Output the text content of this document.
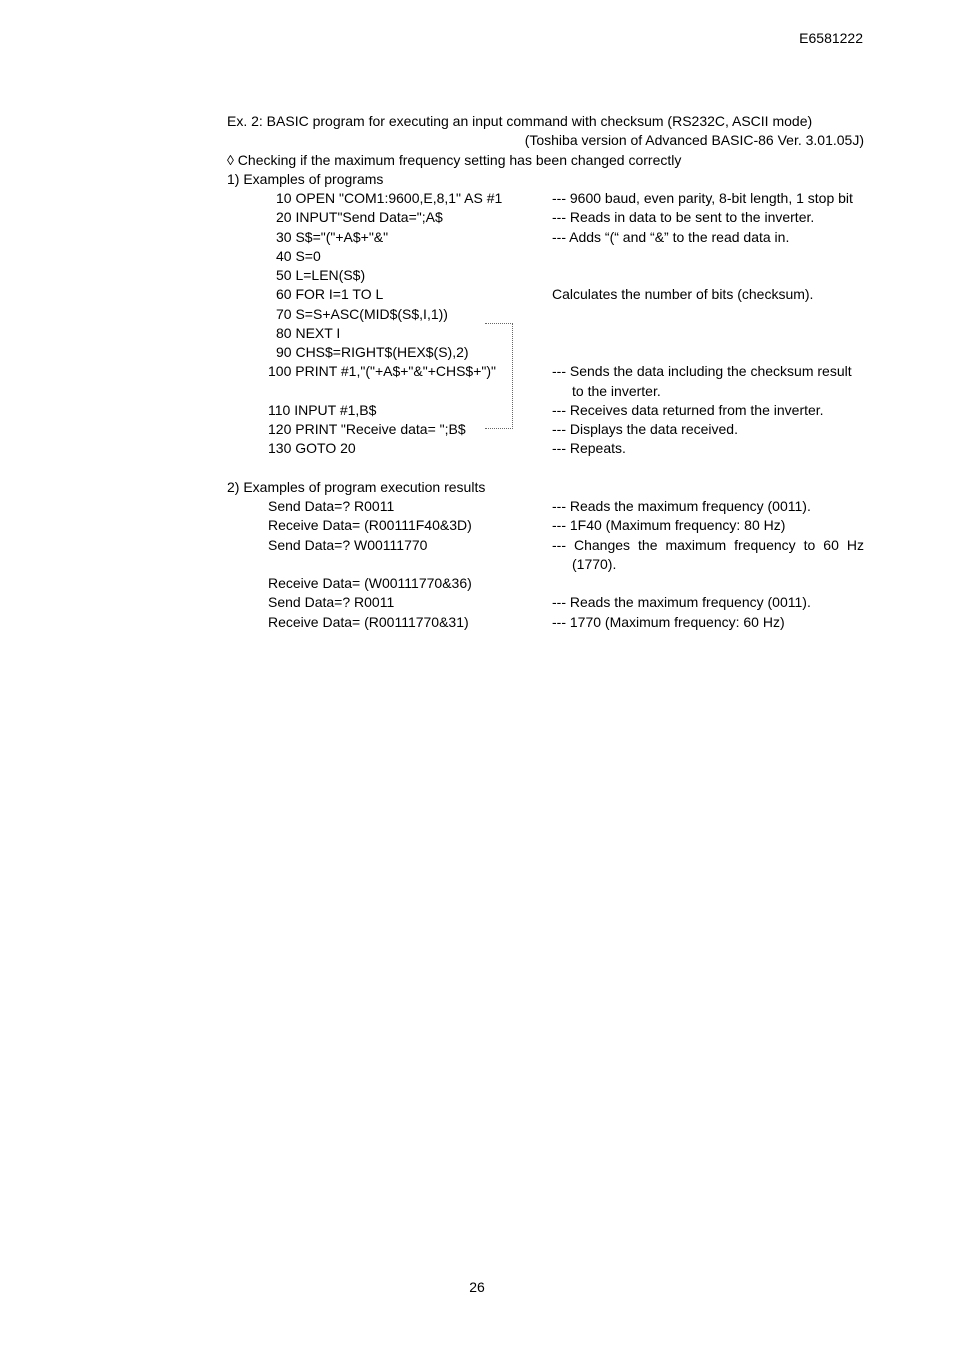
E6581222
Ex. 2: BASIC program for executing an input command with checksum (RS232C, ASCII mode)
(Toshiba version of Advanced BASIC-86 Ver. 3.01.05J)
◊ Checking if the maximum frequency setting has been changed correctly
1) Examples of programs
10 OPEN "COM1:9600,E,8,1" AS #1	--- 9600 baud, even parity, 8-bit length, 1 stop bit
20 INPUT"Send Data=";A$	--- Reads in data to be sent to the inverter.
30 S$="("+A$+"&"	--- Adds “(“ and “&” to the read data in.
40 S=0
50 L=LEN(S$)
60 FOR I=1 TO L	Calculates the number of bits (checksum).
70 S=S+ASC(MID$(S$,I,1))
80 NEXT I
90 CHS$=RIGHT$(HEX$(S),2)
100 PRINT #1,"("+A$+"&"+CHS$+")"	--- Sends the data including the checksum result
to the inverter.
110 INPUT #1,B$	--- Receives data returned from the inverter.
120 PRINT "Receive data= ";B$	--- Displays the data received.
130 GOTO 20	--- Repeats.
2) Examples of program execution results
Send Data=? R0011	--- Reads the maximum frequency (0011).
Receive Data= (R00111F40&3D)	--- 1F40 (Maximum frequency: 80 Hz)
Send Data=? W00111770	--- Changes the maximum frequency to 60 Hz
(1770).
Receive Data= (W00111770&36)
Send Data=? R0011	--- Reads the maximum frequency (0011).
Receive Data= (R00111770&31)	--- 1770 (Maximum frequency: 60 Hz)
26
